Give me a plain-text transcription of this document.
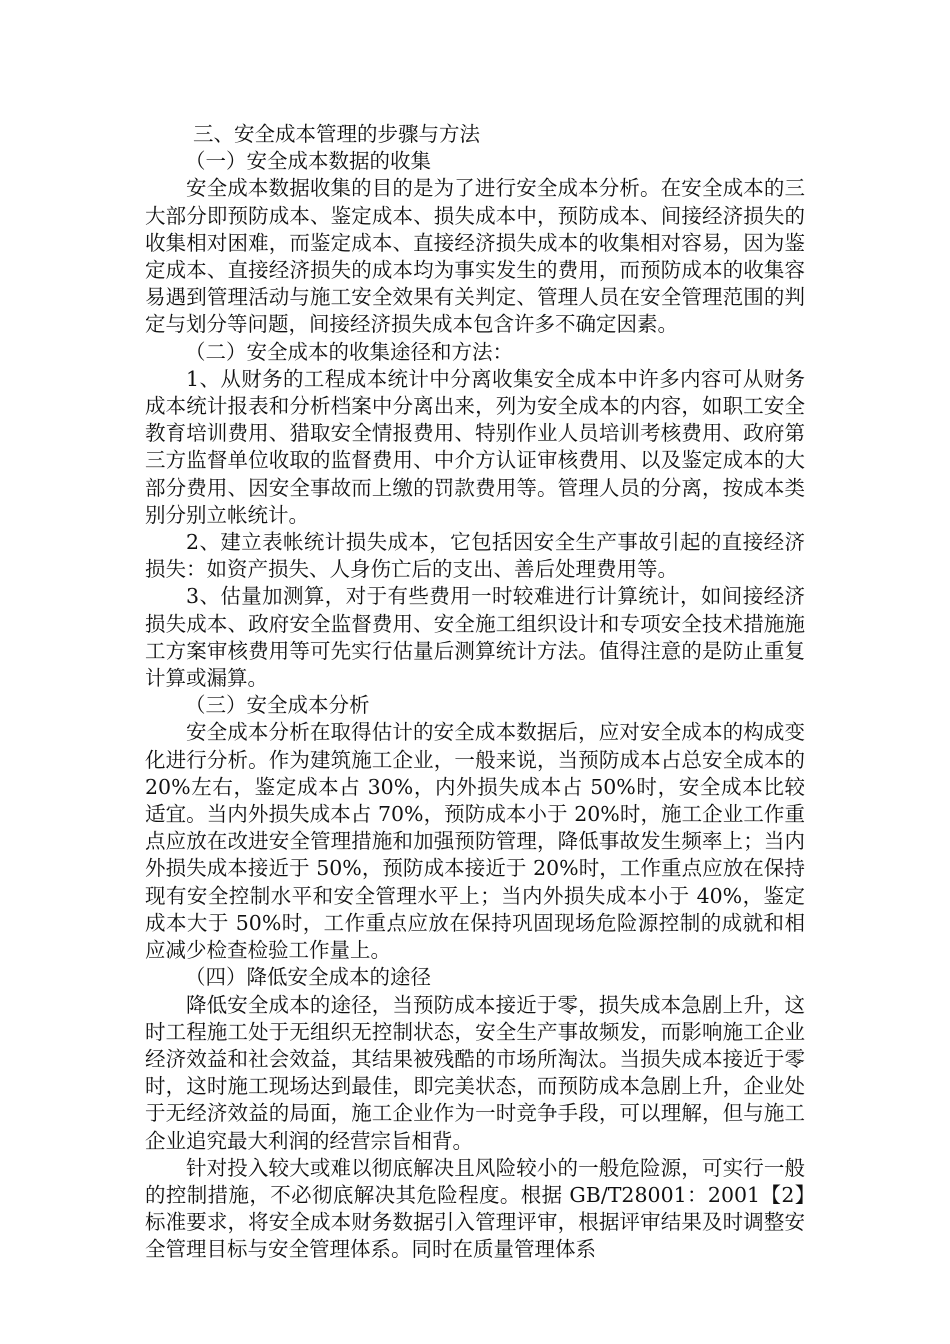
三、安全成本管理的步骤与方法

（一）安全成本数据的收集

安全成本数据收集的目的是为了进行安全成本分析。在安全成本的三大部分即预防成本、鉴定成本、损失成本中，预防成本、间接经济损失的收集相对困难，而鉴定成本、直接经济损失成本的收集相对容易，因为鉴定成本、直接经济损失的成本均为事实发生的费用，而预防成本的收集容易遇到管理活动与施工安全效果有关判定、管理人员在安全管理范围的判定与划分等问题，间接经济损失成本包含许多不确定因素。

（二）安全成本的收集途径和方法：

1、从财务的工程成本统计中分离收集安全成本中许多内容可从财务成本统计报表和分析档案中分离出来，列为安全成本的内容，如职工安全教育培训费用、猎取安全情报费用、特别作业人员培训考核费用、政府第三方监督单位收取的监督费用、中介方认证审核费用、以及鉴定成本的大部分费用、因安全事故而上缴的罚款费用等。管理人员的分离，按成本类别分别立帐统计。

2、建立表帐统计损失成本，它包括因安全生产事故引起的直接经济损失：如资产损失、人身伤亡后的支出、善后处理费用等。

3、估量加测算，对于有些费用一时较难进行计算统计，如间接经济损失成本、政府安全监督费用、安全施工组织设计和专项安全技术措施施工方案审核费用等可先实行估量后测算统计方法。值得注意的是防止重复计算或漏算。

（三）安全成本分析

安全成本分析在取得估计的安全成本数据后，应对安全成本的构成变化进行分析。作为建筑施工企业，一般来说，当预防成本占总安全成本的 20%左右，鉴定成本占 30%，内外损失成本占 50%时，安全成本比较适宜。当内外损失成本占 70%，预防成本小于 20%时，施工企业工作重点应放在改进安全管理措施和加强预防管理，降低事故发生频率上；当内外损失成本接近于 50%，预防成本接近于 20%时，工作重点应放在保持现有安全控制水平和安全管理水平上；当内外损失成本小于 40%，鉴定成本大于 50%时，工作重点应放在保持巩固现场危险源控制的成就和相应减少检查检验工作量上。

（四）降低安全成本的途径

降低安全成本的途径，当预防成本接近于零，损失成本急剧上升，这时工程施工处于无组织无控制状态，安全生产事故频发，而影响施工企业经济效益和社会效益，其结果被残酷的市场所淘汰。当损失成本接近于零时，这时施工现场达到最佳，即完美状态，而预防成本急剧上升，企业处于无经济效益的局面，施工企业作为一时竞争手段，可以理解，但与施工企业追究最大利润的经营宗旨相背。

针对投入较大或难以彻底解决且风险较小的一般危险源，可实行一般的控制措施，不必彻底解决其危险程度。根据 GB/T28001：2001【2】标准要求，将安全成本财务数据引入管理评审，根据评审结果及时调整安全管理目标与安全管理体系。同时在质量管理体系
